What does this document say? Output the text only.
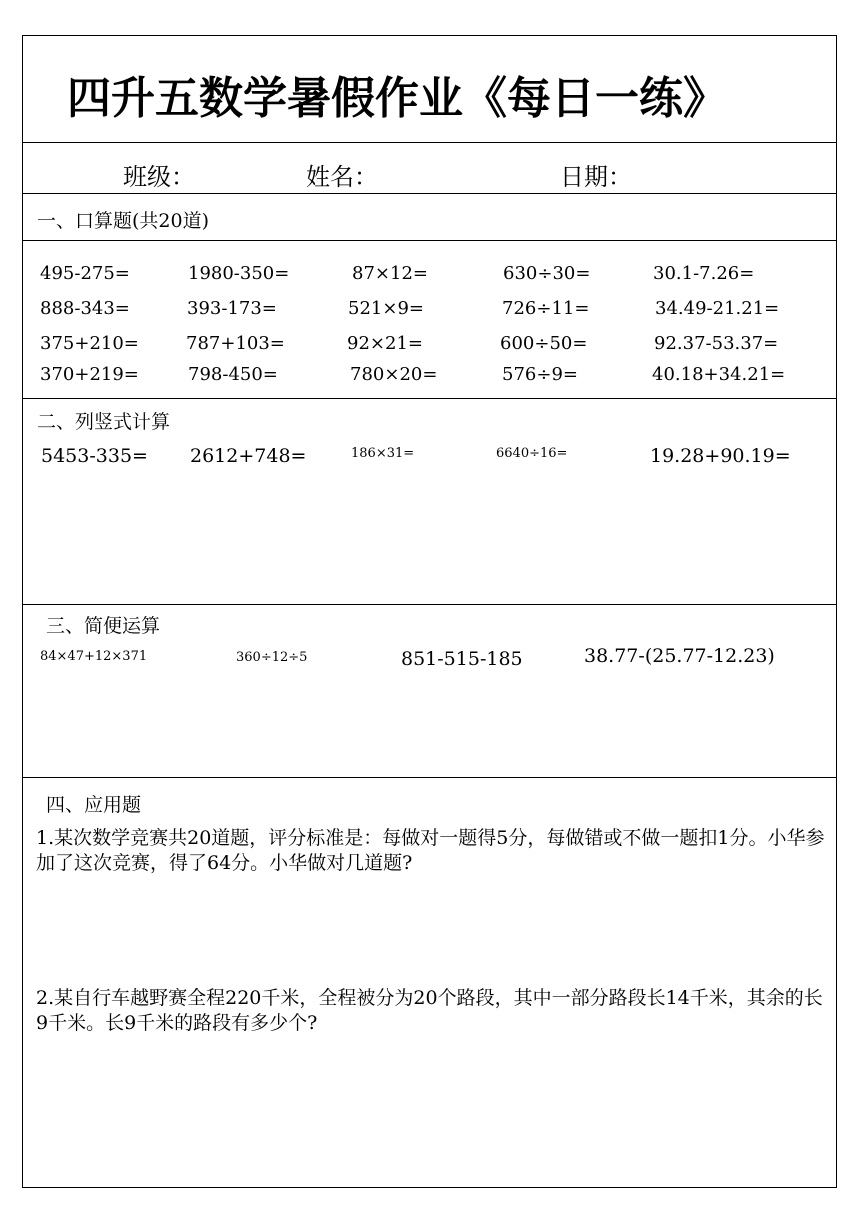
四升五数学暑假作业《每日一练》
班级：	姓名：	日期：
一、口算题(共20道)
495-275=	1980-350=	87×12=	630÷30=	30.1-7.26=
888-343=	393-173=	521×9=	726÷11=	34.49-21.21=
375+210=	787+103=	92×21=	600÷50=	92.37-53.37=
370+219=	798-450=	780×20=	576÷9=	40.18+34.21=
二、列竖式计算
5453-335= 2612+748=	186×31=	6640÷16=	19.28+90.19=
三、简便运算
84×47+12×371	360÷12÷5	851-515-185	38.77-(25.77-12.23)
四、应用题
1.某次数学竞赛共20道题，评分标准是：每做对一题得5分，每做错或不做一题扣1分。小华参加了这次竞赛，得了64分。小华做对几道题?
2.某自行车越野赛全程220千米，全程被分为20个路段，其中一部分路段长14千米，其余的长9千米。长9千米的路段有多少个?
